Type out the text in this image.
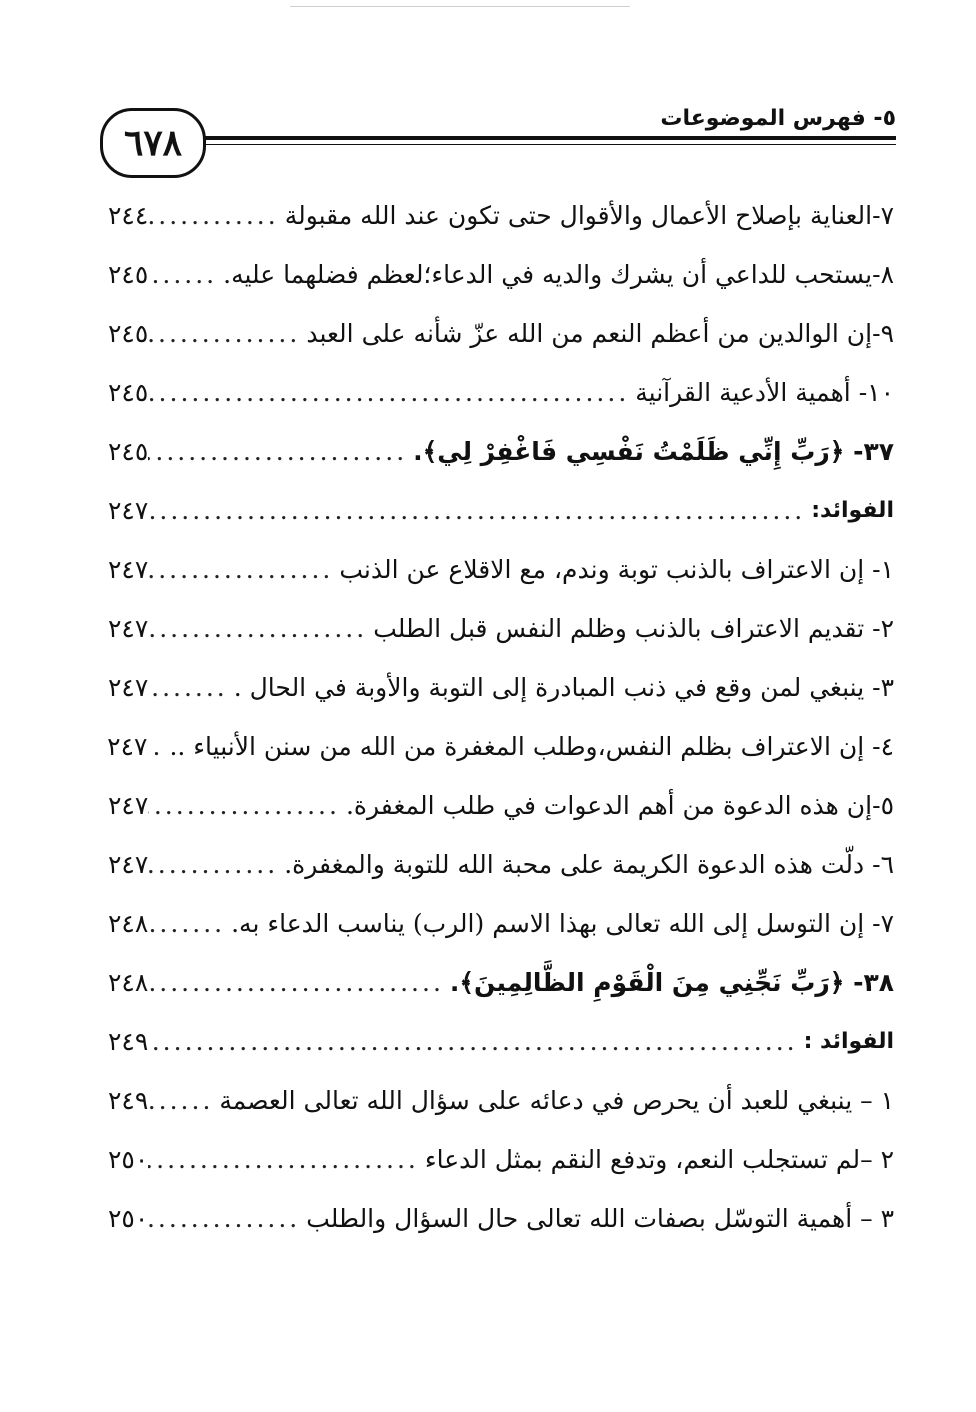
٦٧٨
٥- فهرس الموضوعات
٧-العناية بإصلاح الأعمال والأقوال حتى تكون عند الله مقبولة
.....
٢٤٤
٨-يستحب للداعي أن يشرك والديه في الدعاء؛لعظم فضلهما عليه.
.....
٢٤٥
٩-إن الوالدين من أعظم النعم من الله عزّ شأنه على العبد
.....
٢٤٥
١٠- أهمية الأدعية القرآنية
.....
٢٤٥
٣٧- ﴿رَبِّ إِنِّي ظَلَمْتُ نَفْسِي فَاغْفِرْ لِي﴾.
.....
٢٤٥
الفوائد:
.....
٢٤٧
١- إن الاعتراف بالذنب توبة وندم، مع الاقلاع عن الذنب
.....
٢٤٧
٢- تقديم الاعتراف بالذنب وظلم النفس قبل الطلب
.....
٢٤٧
٣- ينبغي لمن وقع في ذنب المبادرة إلى التوبة والأوبة في الحال .
.....
٢٤٧
٤- إن الاعتراف بظلم النفس،وطلب المغفرة من الله من سنن الأنبياء ..
.....
٢٤٧
٥-إن هذه الدعوة من أهم الدعوات في طلب المغفرة.
.....
٢٤٧
٦- دلّت هذه الدعوة الكريمة على محبة الله للتوبة والمغفرة.
.....
٢٤٧
٧- إن التوسل إلى الله تعالى بهذا الاسم (الرب) يناسب الدعاء به.
.....
٢٤٨
٣٨- ﴿رَبِّ نَجِّنِي مِنَ الْقَوْمِ الظَّالِمِينَ﴾.
.....
٢٤٨
الفوائد :
.....
٢٤٩
١ – ينبغي للعبد أن يحرص في دعائه على سؤال الله تعالى العصمة
.....
٢٤٩
٢ –لم تستجلب النعم، وتدفع النقم بمثل الدعاء
.....
٢٥٠
٣ – أهمية التوسّل بصفات الله تعالى حال السؤال والطلب
.....
٢٥٠
